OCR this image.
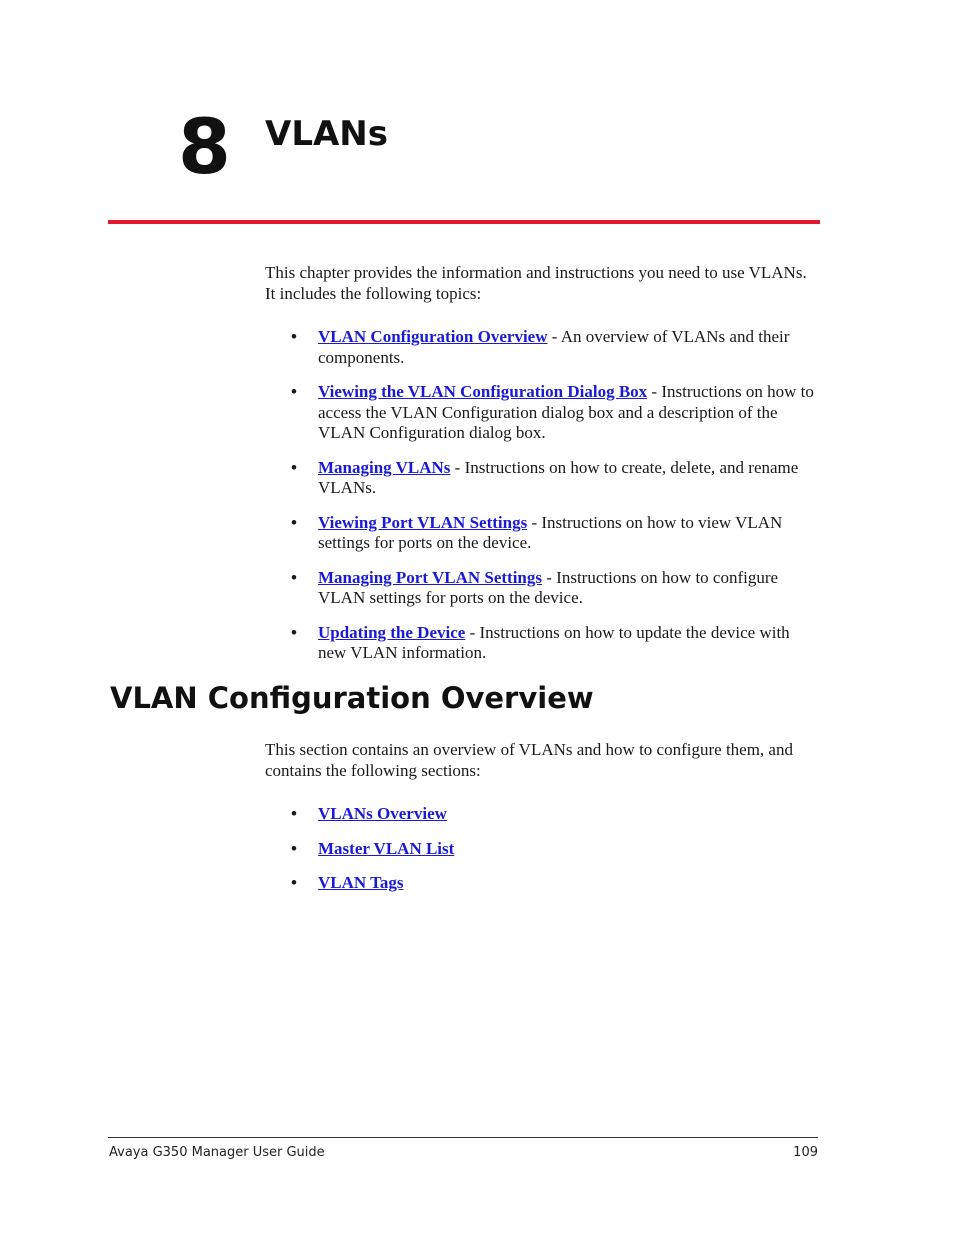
8 VLANs

This chapter provides the information and instructions you need to use VLANs. It includes the following topics:

• VLAN Configuration Overview - An overview of VLANs and their components.
• Viewing the VLAN Configuration Dialog Box - Instructions on how to access the VLAN Configuration dialog box and a description of the VLAN Configuration dialog box.
• Managing VLANs - Instructions on how to create, delete, and rename VLANs.
• Viewing Port VLAN Settings - Instructions on how to view VLAN settings for ports on the device.
• Managing Port VLAN Settings - Instructions on how to configure VLAN settings for ports on the device.
• Updating the Device - Instructions on how to update the device with new VLAN information.
VLAN Configuration Overview

This section contains an overview of VLANs and how to configure them, and contains the following sections:

• VLANs Overview
• Master VLAN List
• VLAN Tags
Avaya G350 Manager User Guide	109
